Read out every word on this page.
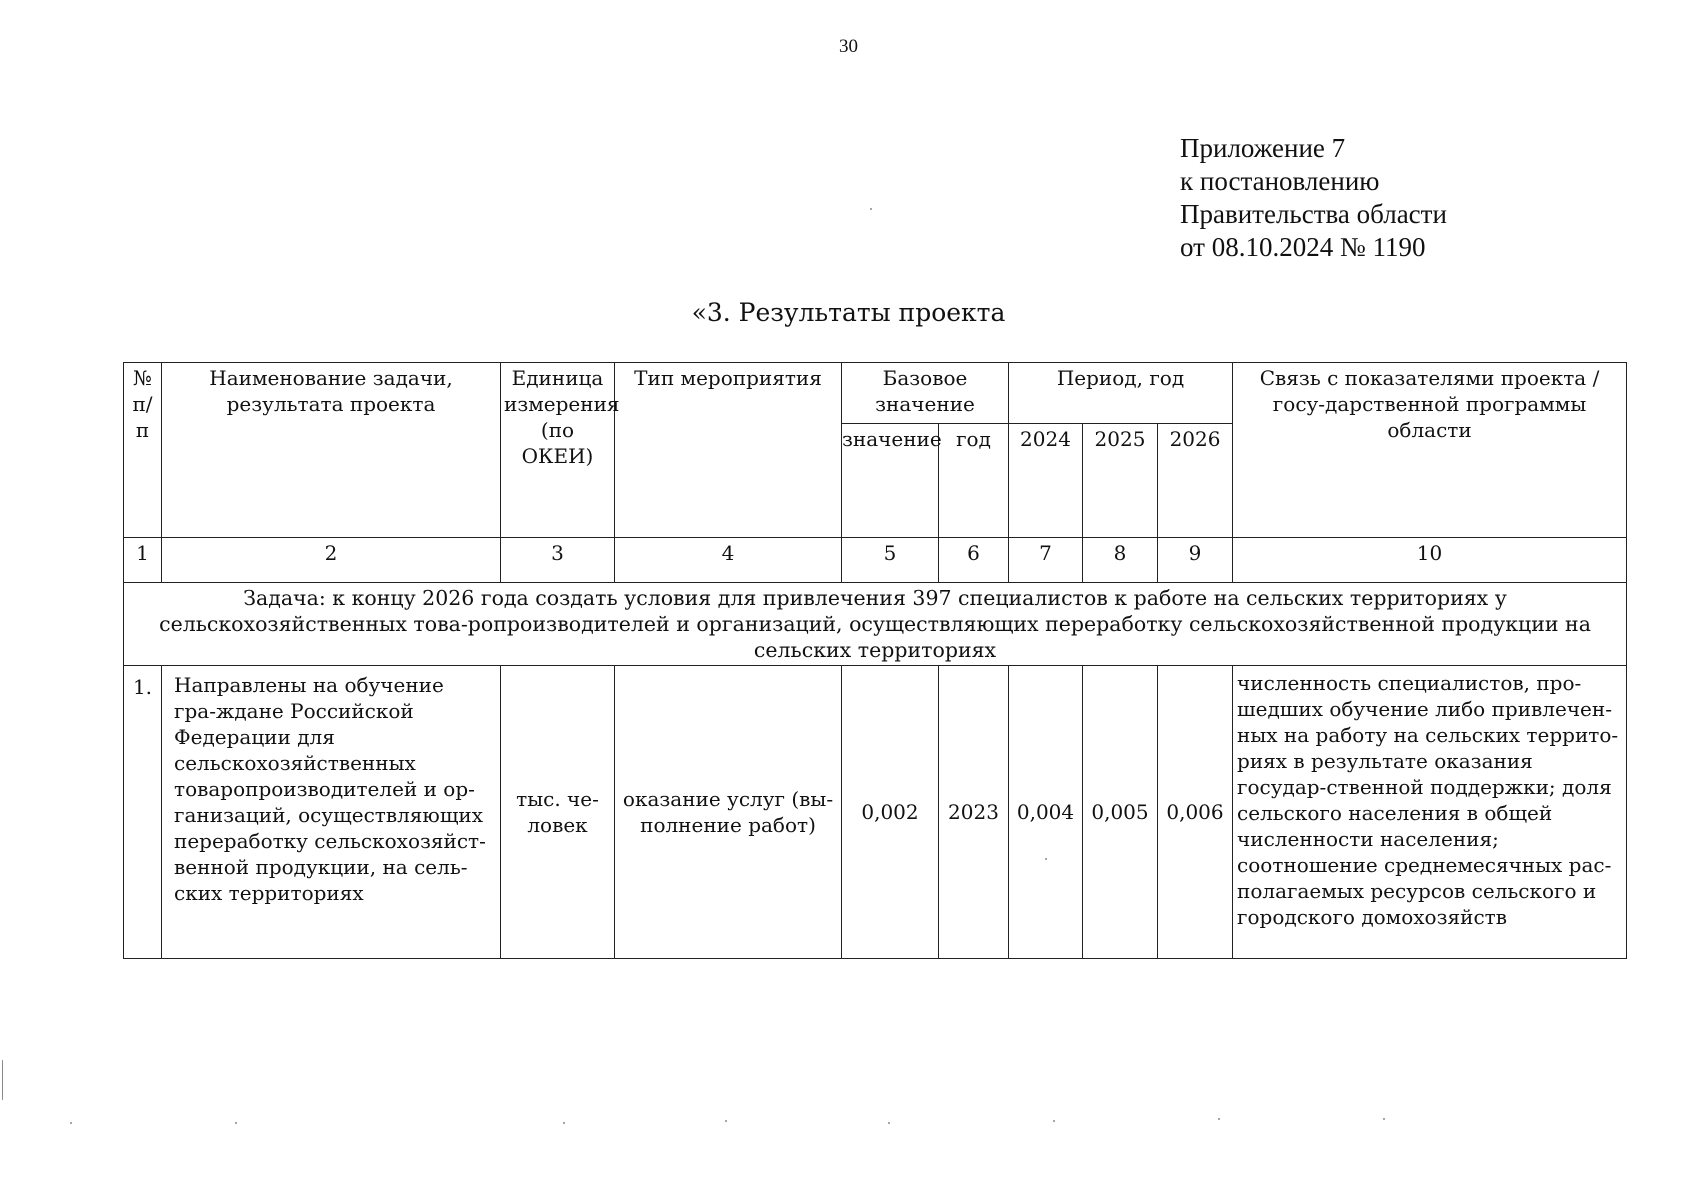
30
Приложение 7
к постановлению
Правительства области
от 08.10.2024 № 1190
«3. Результаты проекта
№ п/п	Наименование задачи, результата проекта	Единица измерения (по ОКЕИ)	Тип мероприятия	Базовое значение		Период, год			Связь с показателями проекта / госу-дарственной программы области
				значение	год	2024	2025	2026	
1	2	3	4	5	6	7	8	9	10
Задача: к концу 2026 года создать условия для привлечения 397 специалистов к работе на сельских территориях у сельскохозяйственных това-ропроизводителей и организаций, осуществляющих переработку сельскохозяйственной продукции на сельских территориях									
1.	Направлены на обучение гра-ждане Российской Федерации для сельскохозяйственных товаропроизводителей и ор-ганизаций, осуществляющих переработку сельскохозяйст-венной продукции, на сель-ских территориях	тыс. че-ловек	оказание услуг (вы-полнение работ)	0,002	2023	0,004	0,005	0,006	численность специалистов, про-шедших обучение либо привлечен-ных на работу на сельских террито-риях в результате оказания государ-ственной поддержки; доля сельского населения в общей численности населения; соотношение среднемесячных рас-полагаемых ресурсов сельского и городского домохозяйств
